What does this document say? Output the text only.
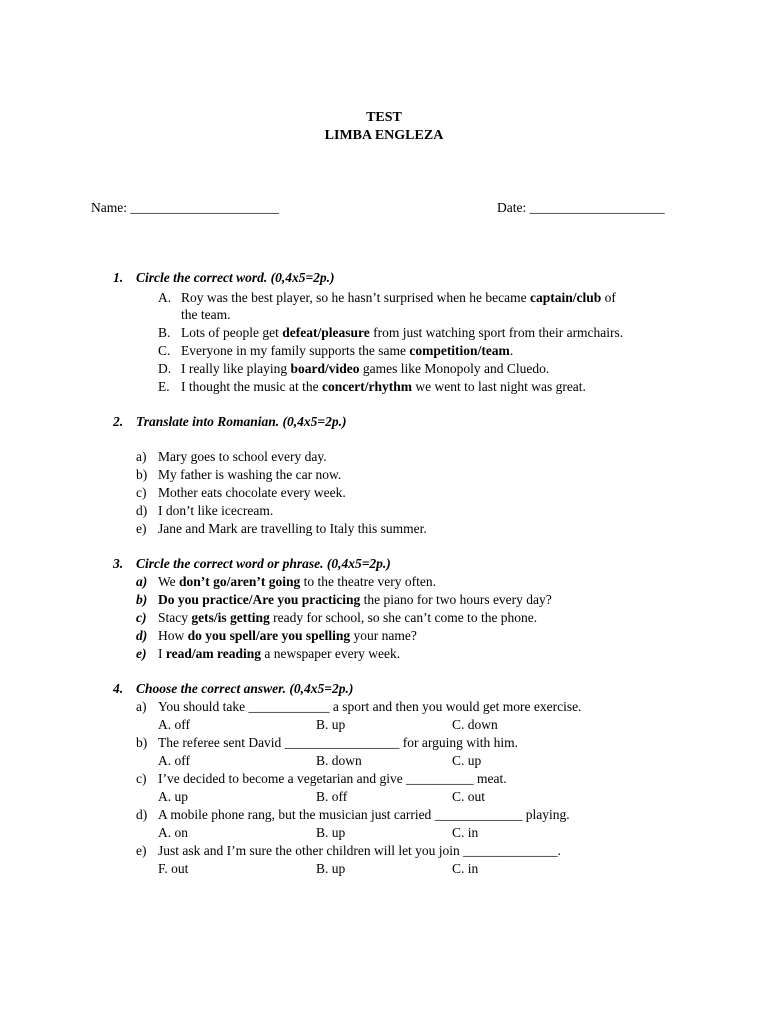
TEST
LIMBA ENGLEZA
Name: ______________________	Date: ____________________
1. Circle the correct word. (0,4x5=2p.)
A. Roy was the best player, so he hasn’t surprised when he became captain/club of
the team.
B. Lots of people get defeat/pleasure from just watching sport from their armchairs.
C. Everyone in my family supports the same competition/team.
D. I really like playing board/video games like Monopoly and Cluedo.
E. I thought the music at the concert/rhythm we went to last night was great.
2. Translate into Romanian. (0,4x5=2p.)
a) Mary goes to school every day.
b) My father is washing the car now.
c) Mother eats chocolate every week.
d) I don’t like icecream.
e) Jane and Mark are travelling to Italy this summer.
3. Circle the correct word or phrase. (0,4x5=2p.)
a) We don’t go/aren’t going to the theatre very often.
b) Do you practice/Are you practicing the piano for two hours every day?
c) Stacy gets/is getting ready for school, so she can’t come to the phone.
d) How do you spell/are you spelling your name?
e) I read/am reading a newspaper every week.
4. Choose the correct answer. (0,4x5=2p.)
a) You should take ____________ a sport and then you would get more exercise.
A. off	B. up	C. down
b) The referee sent David _________________ for arguing with him.
A. off	B. down	C. up
c) I’ve decided to become a vegetarian and give __________ meat.
A. up	B. off	C. out
d) A mobile phone rang, but the musician just carried _____________ playing.
A. on	B. up	C. in
e) Just ask and I’m sure the other children will let you join ______________.
F. out	B. up	C. in
